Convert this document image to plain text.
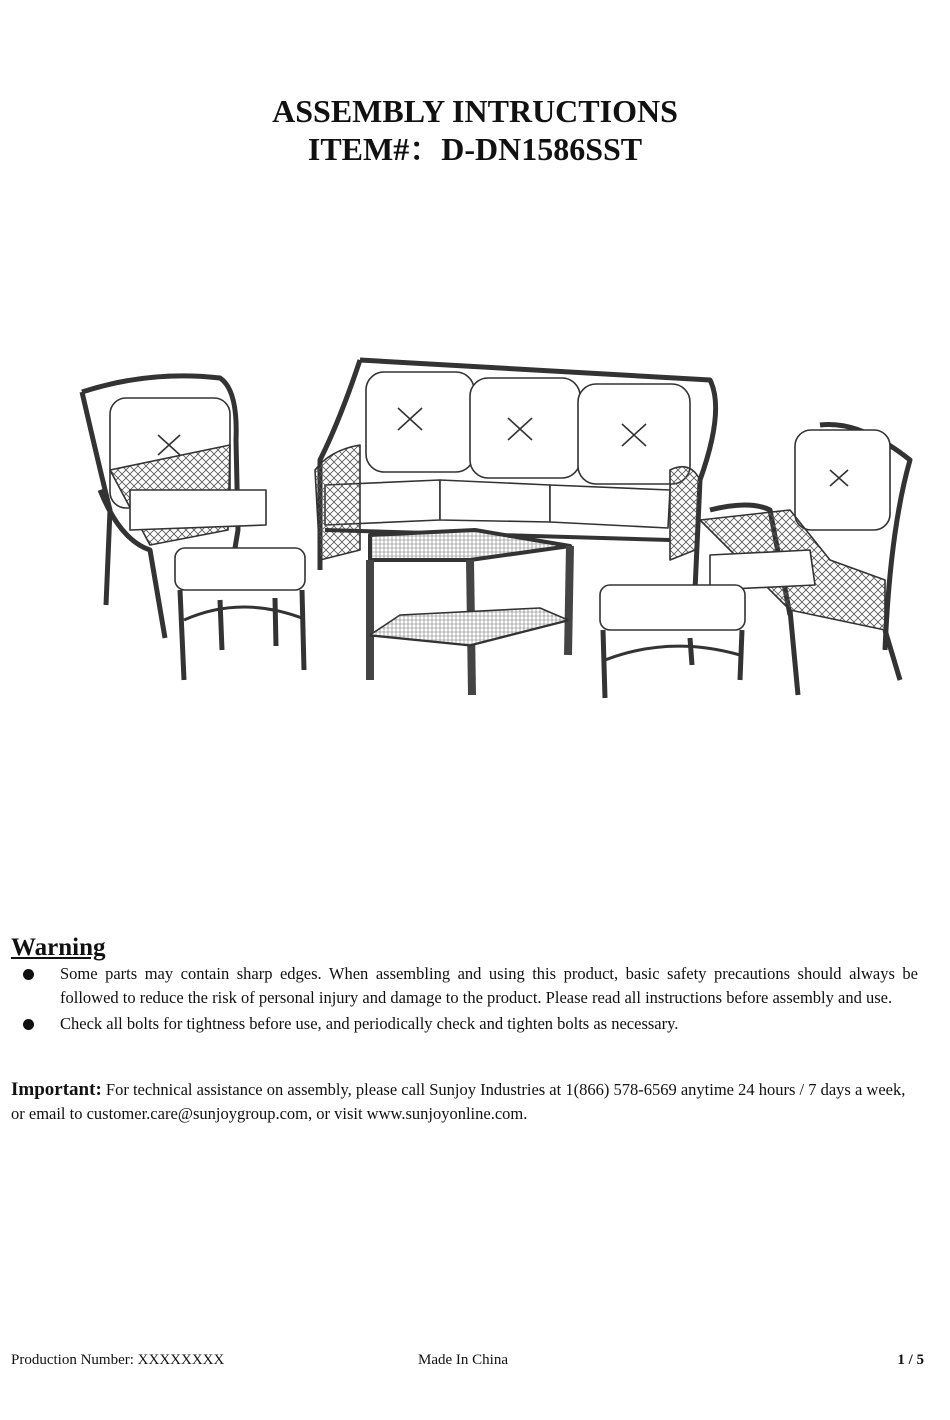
ASSEMBLY INTRUCTIONS
ITEM#：D-DN1586SST
Warning
Some parts may contain sharp edges. When assembling and using this product, basic safety precautions should always be followed to reduce the risk of personal injury and damage to the product. Please read all instructions before assembly and use.
Check all bolts for tightness before use, and periodically check and tighten bolts as necessary.
Important: For technical assistance on assembly, please call Sunjoy Industries at 1(866) 578-6569 anytime 24 hours / 7 days a week, or email to customer.care@sunjoygroup.com, or visit www.sunjoyonline.com.
Production Number: XXXXXXXX	Made In China	1 / 5
